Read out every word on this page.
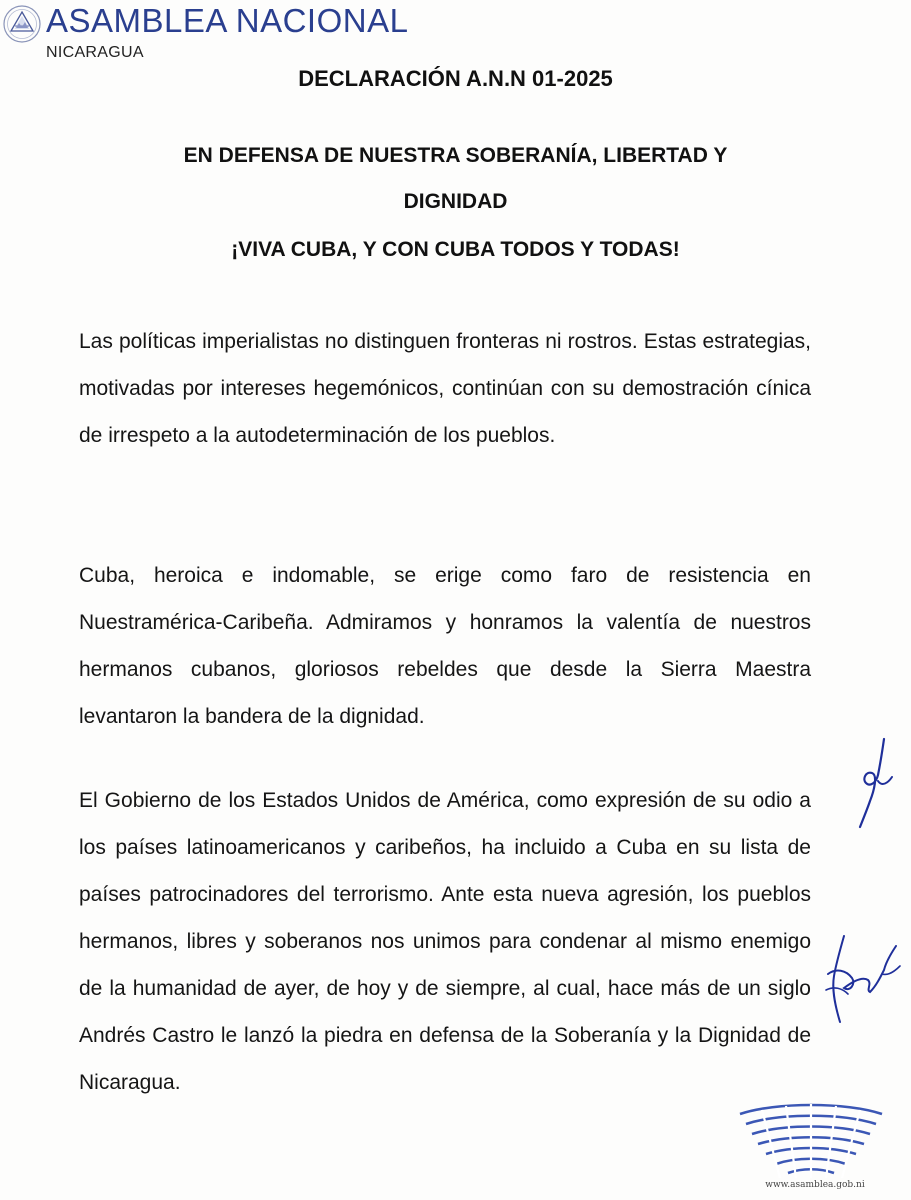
ASAMBLEA NACIONAL
NICARAGUA
DECLARACIÓN A.N.N 01-2025
EN DEFENSA DE NUESTRA SOBERANÍA, LIBERTAD Y
DIGNIDAD
¡VIVA CUBA, Y CON CUBA TODOS Y TODAS!
Las políticas imperialistas no distinguen fronteras ni rostros. Estas estrategias, motivadas por intereses hegemónicos, continúan con su demostración cínica de irrespeto a la autodeterminación de los pueblos.
Cuba, heroica e indomable, se erige como faro de resistencia en Nuestramérica-Caribeña. Admiramos y honramos la valentía de nuestros hermanos cubanos, gloriosos rebeldes que desde la Sierra Maestra levantaron la bandera de la dignidad.
El Gobierno de los Estados Unidos de América, como expresión de su odio a los países latinoamericanos y caribeños, ha incluido a Cuba en su lista de países patrocinadores del terrorismo. Ante esta nueva agresión, los pueblos hermanos, libres y soberanos nos unimos para condenar al mismo enemigo de la humanidad de ayer, de hoy y de siempre, al cual, hace más de un siglo Andrés Castro le lanzó la piedra en defensa de la Soberanía y la Dignidad de Nicaragua.
www.asamblea.gob.ni
